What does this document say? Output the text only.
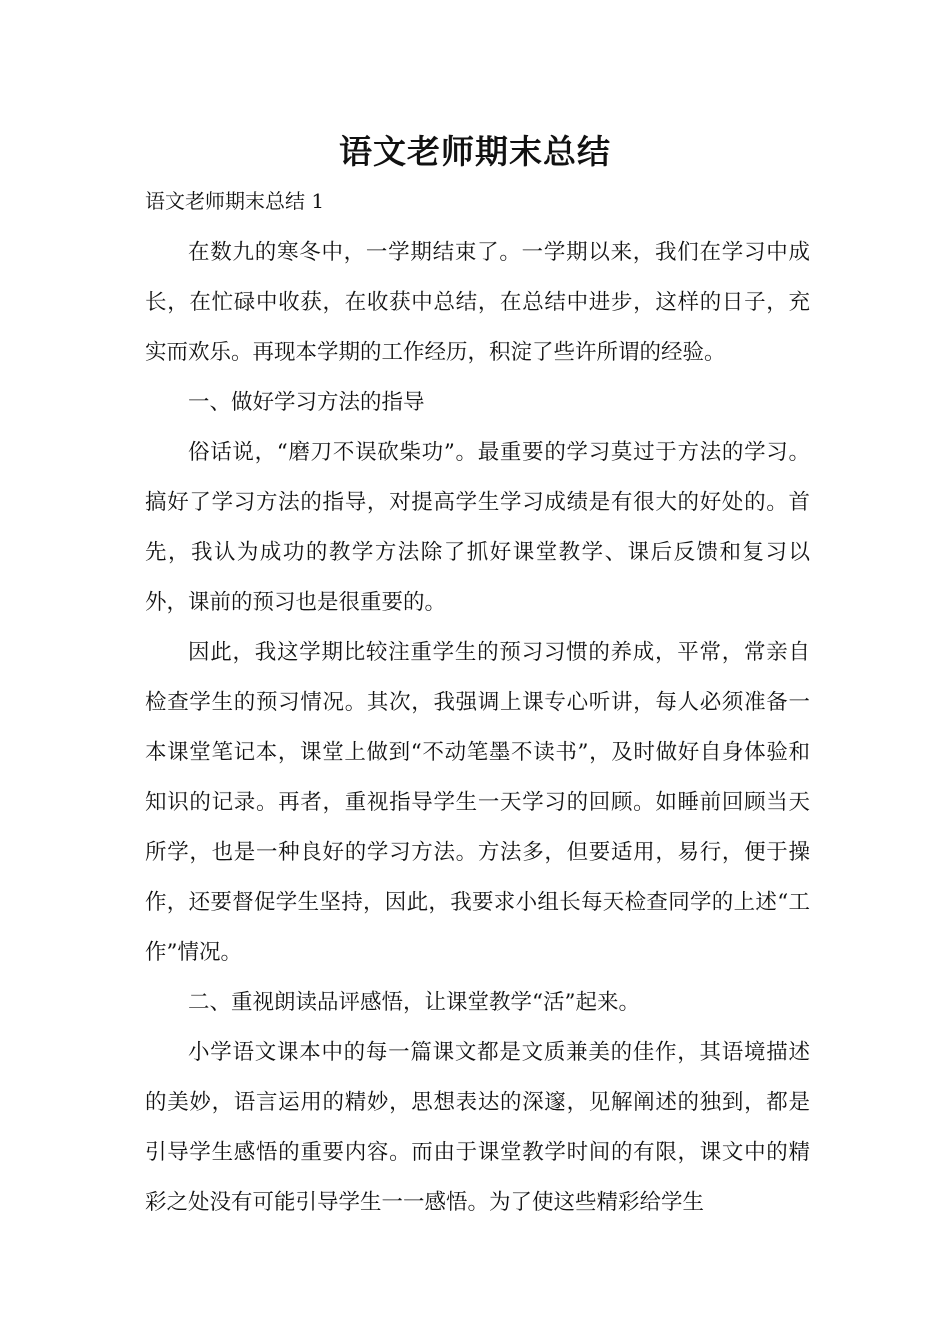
语文老师期末总结
语文老师期末总结 1

在数九的寒冬中，一学期结束了。一学期以来，我们在学习中成长，在忙碌中收获，在收获中总结，在总结中进步，这样的日子，充实而欢乐。再现本学期的工作经历，积淀了些许所谓的经验。

一、做好学习方法的指导

俗话说，“磨刀不误砍柴功”。最重要的学习莫过于方法的学习。搞好了学习方法的指导，对提高学生学习成绩是有很大的好处的。首先，我认为成功的教学方法除了抓好课堂教学、课后反馈和复习以外，课前的预习也是很重要的。

因此，我这学期比较注重学生的预习习惯的养成，平常，常亲自检查学生的预习情况。其次，我强调上课专心听讲，每人必须准备一本课堂笔记本，课堂上做到“不动笔墨不读书”，及时做好自身体验和知识的记录。再者，重视指导学生一天学习的回顾。如睡前回顾当天所学，也是一种良好的学习方法。方法多，但要适用，易行，便于操作，还要督促学生坚持，因此，我要求小组长每天检查同学的上述“工作”情况。

二、重视朗读品评感悟，让课堂教学“活”起来。

小学语文课本中的每一篇课文都是文质兼美的佳作，其语境描述的美妙，语言运用的精妙，思想表达的深邃，见解阐述的独到，都是引导学生感悟的重要内容。而由于课堂教学时间的有限，课文中的精彩之处没有可能引导学生一一感悟。为了使这些精彩给学生
